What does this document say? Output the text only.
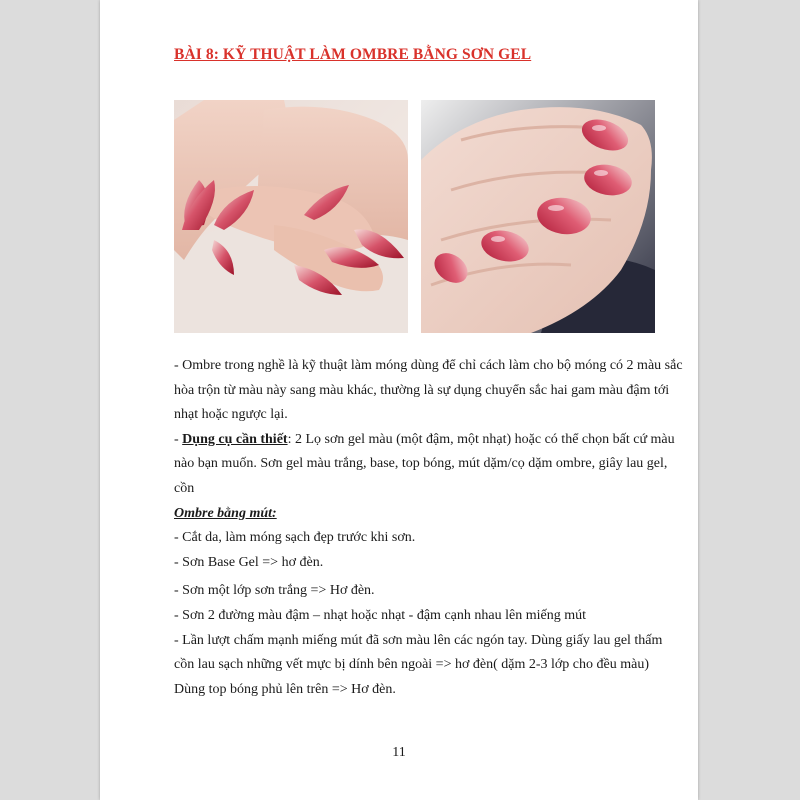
BÀI 8: KỸ THUẬT LÀM OMBRE BẰNG SƠN GEL

- Ombre trong nghề là kỹ thuật làm móng dùng để chỉ cách làm cho bộ móng có 2 màu sắc hòa trộn từ màu này sang màu khác, thường là sự dụng chuyển sắc hai gam màu đậm tới nhạt hoặc ngược lại.

- Dụng cụ cần thiết: 2 Lọ sơn gel màu (một đậm, một nhạt) hoặc có thể chọn bất cứ màu nào bạn muốn. Sơn gel màu trắng, base, top bóng, mút dặm/cọ dặm ombre, giây lau gel, cồn

Ombre bằng mút:

- Cắt da, làm móng sạch đẹp trước khi sơn.

- Sơn Base Gel => hơ đèn.

- Sơn một lớp sơn trắng => Hơ đèn.

- Sơn 2 đường màu đậm – nhạt hoặc nhạt - đậm cạnh nhau lên miếng mút

- Lần lượt chấm mạnh miếng mút đã sơn màu lên các ngón tay. Dùng giấy lau gel thấm cồn lau sạch những vết mực bị dính bên ngoài => hơ đèn( dặm 2-3 lớp cho đều màu)

Dùng top bóng phủ lên trên => Hơ đèn.

11
